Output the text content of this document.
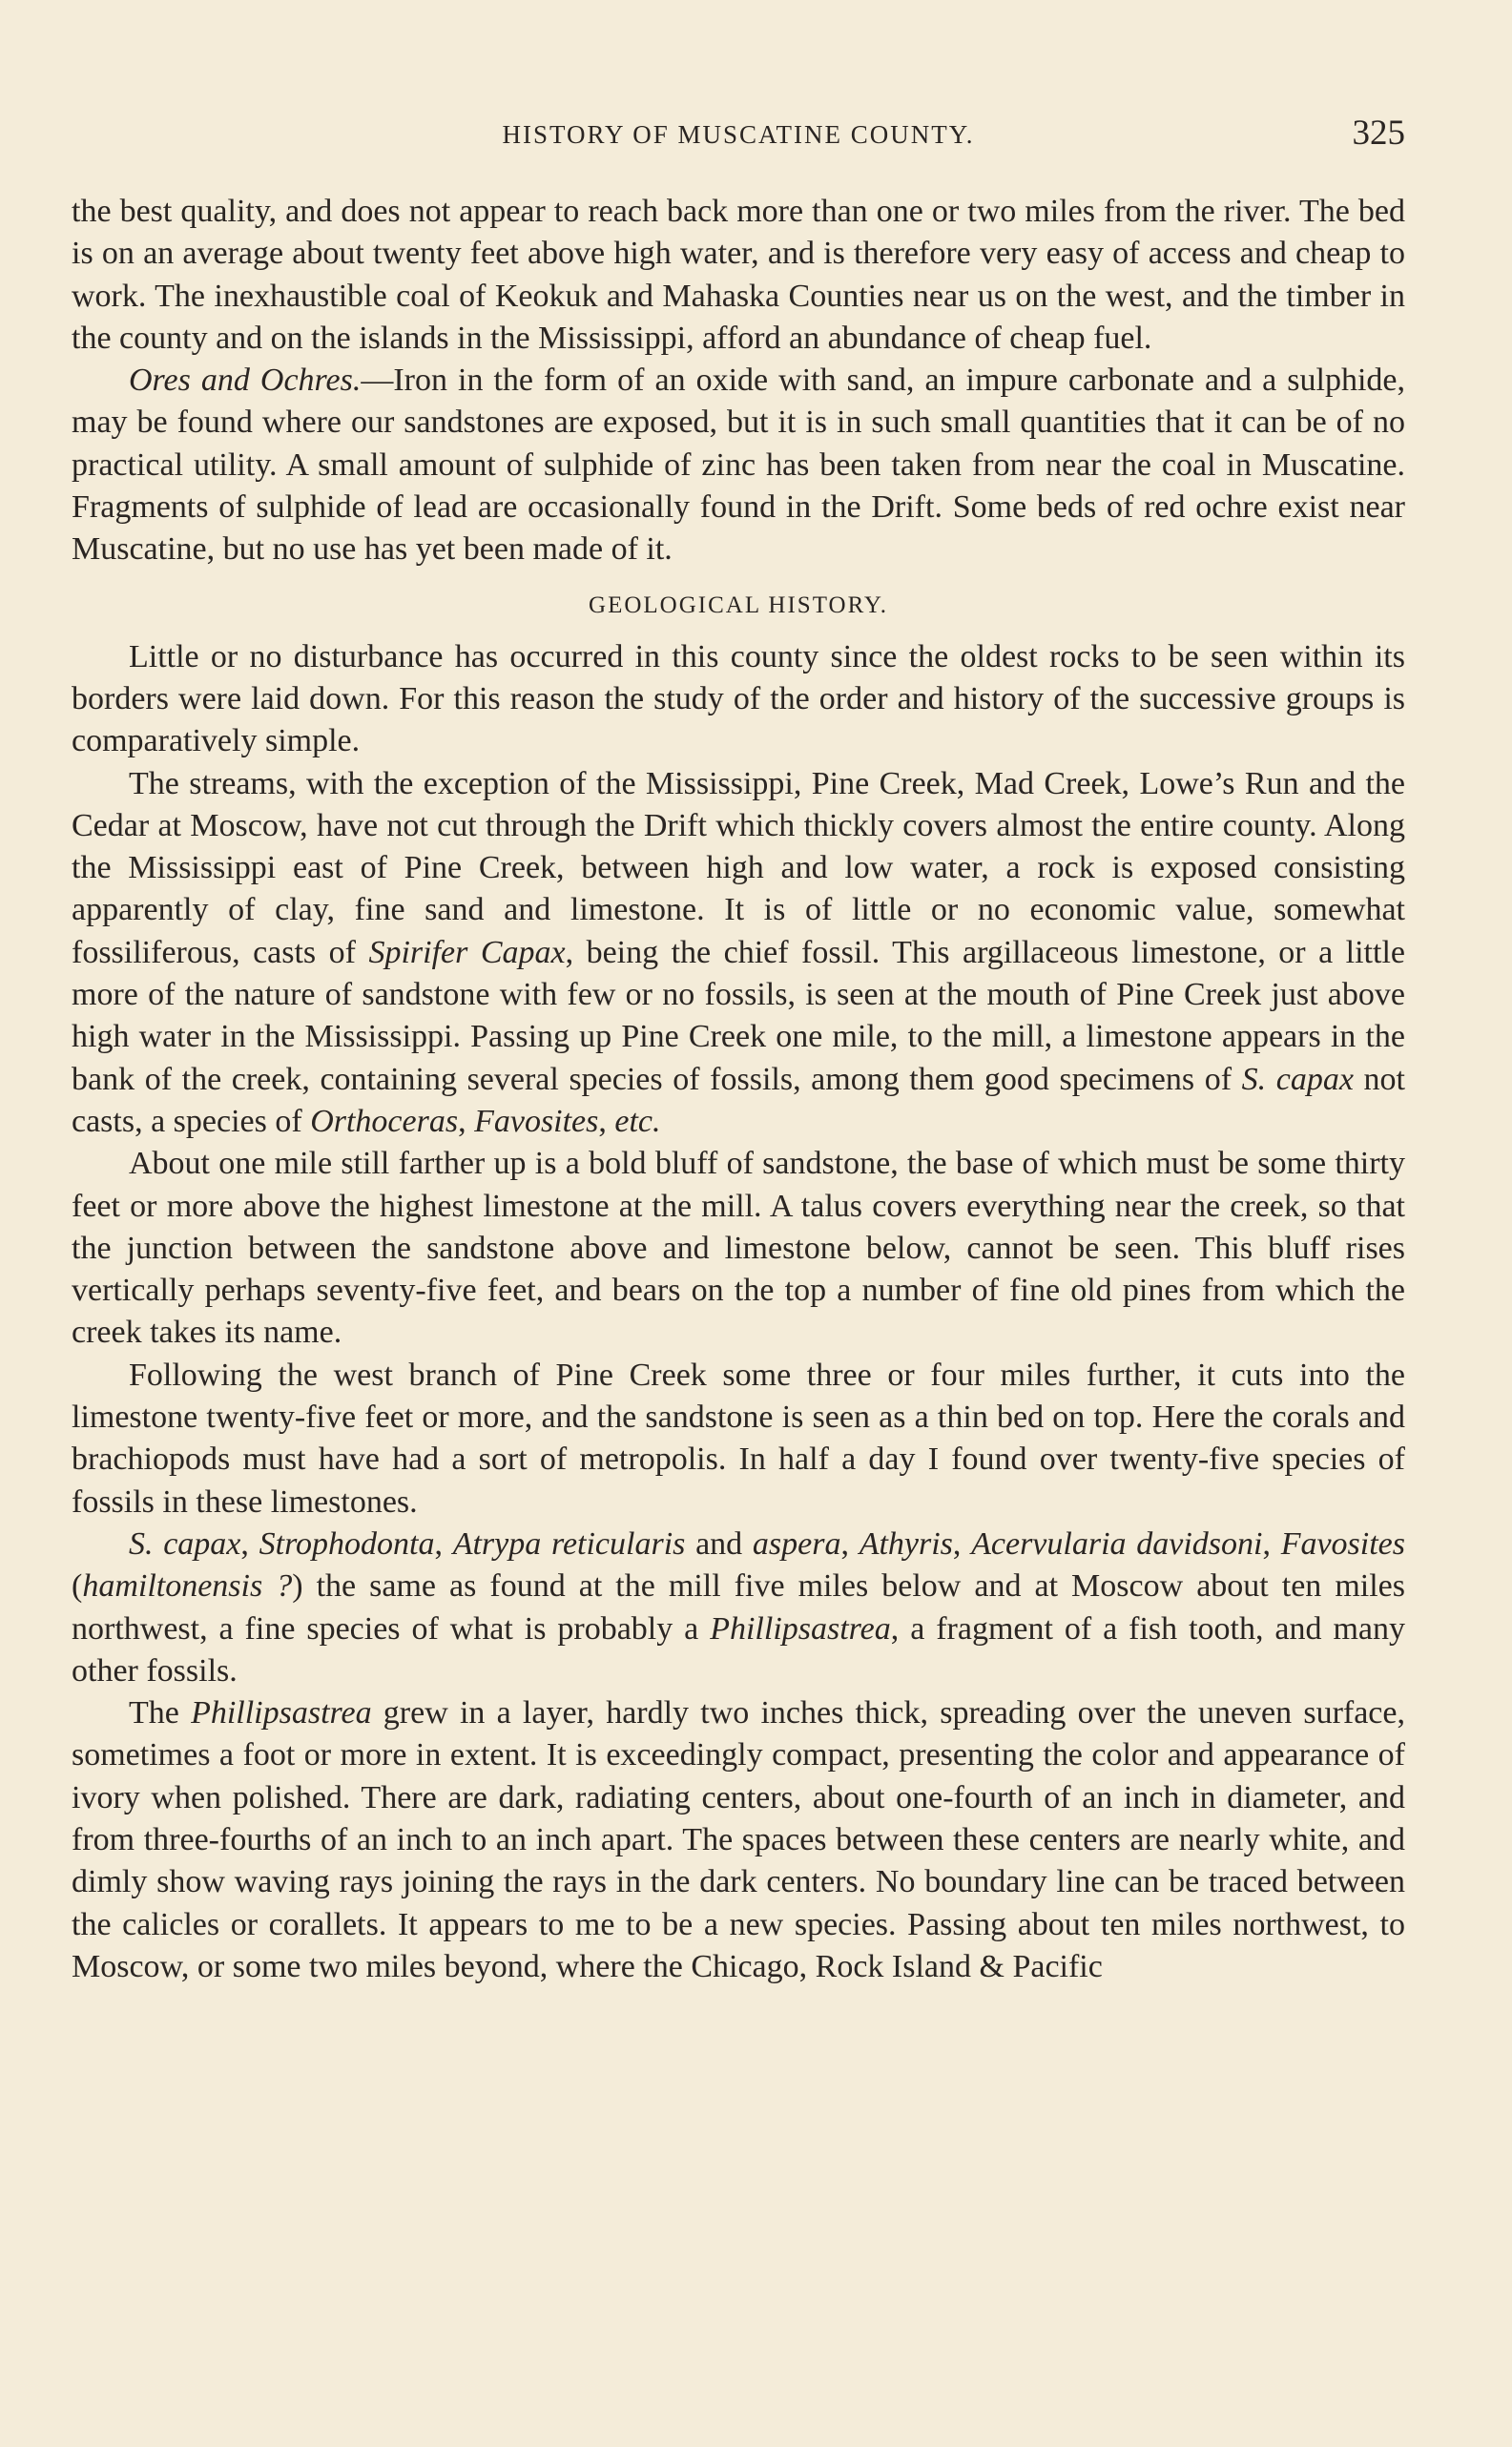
HISTORY OF MUSCATINE COUNTY.	325

the best quality, and does not appear to reach back more than one or two miles from the river. The bed is on an average about twenty feet above high water, and is therefore very easy of access and cheap to work. The inexhaustible coal of Keokuk and Mahaska Counties near us on the west, and the timber in the county and on the islands in the Mississippi, afford an abundance of cheap fuel.

Ores and Ochres.—Iron in the form of an oxide with sand, an impure carbonate and a sulphide, may be found where our sandstones are exposed, but it is in such small quantities that it can be of no practical utility. A small amount of sulphide of zinc has been taken from near the coal in Muscatine. Fragments of sulphide of lead are occasionally found in the Drift. Some beds of red ochre exist near Muscatine, but no use has yet been made of it.

GEOLOGICAL HISTORY.

Little or no disturbance has occurred in this county since the oldest rocks to be seen within its borders were laid down. For this reason the study of the order and history of the successive groups is comparatively simple.

The streams, with the exception of the Mississippi, Pine Creek, Mad Creek, Lowe’s Run and the Cedar at Moscow, have not cut through the Drift which thickly covers almost the entire county. Along the Mississippi east of Pine Creek, between high and low water, a rock is exposed consisting apparently of clay, fine sand and limestone. It is of little or no economic value, somewhat fossiliferous, casts of Spirifer Capax, being the chief fossil. This argillaceous limestone, or a little more of the nature of sandstone with few or no fossils, is seen at the mouth of Pine Creek just above high water in the Mississippi. Passing up Pine Creek one mile, to the mill, a limestone appears in the bank of the creek, containing several species of fossils, among them good specimens of S. capax not casts, a species of Orthoceras, Favosites, etc.

About one mile still farther up is a bold bluff of sandstone, the base of which must be some thirty feet or more above the highest limestone at the mill. A talus covers everything near the creek, so that the junction between the sandstone above and limestone below, cannot be seen. This bluff rises vertically perhaps seventy-five feet, and bears on the top a number of fine old pines from which the creek takes its name.

Following the west branch of Pine Creek some three or four miles further, it cuts into the limestone twenty-five feet or more, and the sandstone is seen as a thin bed on top. Here the corals and brachiopods must have had a sort of metropolis. In half a day I found over twenty-five species of fossils in these limestones.

S. capax, Strophodonta, Atrypa reticularis and aspera, Athyris, Acervularia davidsoni, Favosites (hamiltonensis ?) the same as found at the mill five miles below and at Moscow about ten miles northwest, a fine species of what is probably a Phillipsastrea, a fragment of a fish tooth, and many other fossils.

The Phillipsastrea grew in a layer, hardly two inches thick, spreading over the uneven surface, sometimes a foot or more in extent. It is exceedingly compact, presenting the color and appearance of ivory when polished. There are dark, radiating centers, about one-fourth of an inch in diameter, and from three-fourths of an inch to an inch apart. The spaces between these centers are nearly white, and dimly show waving rays joining the rays in the dark centers. No boundary line can be traced between the calicles or corallets. It appears to me to be a new species. Passing about ten miles northwest, to Moscow, or some two miles beyond, where the Chicago, Rock Island & Pacific
